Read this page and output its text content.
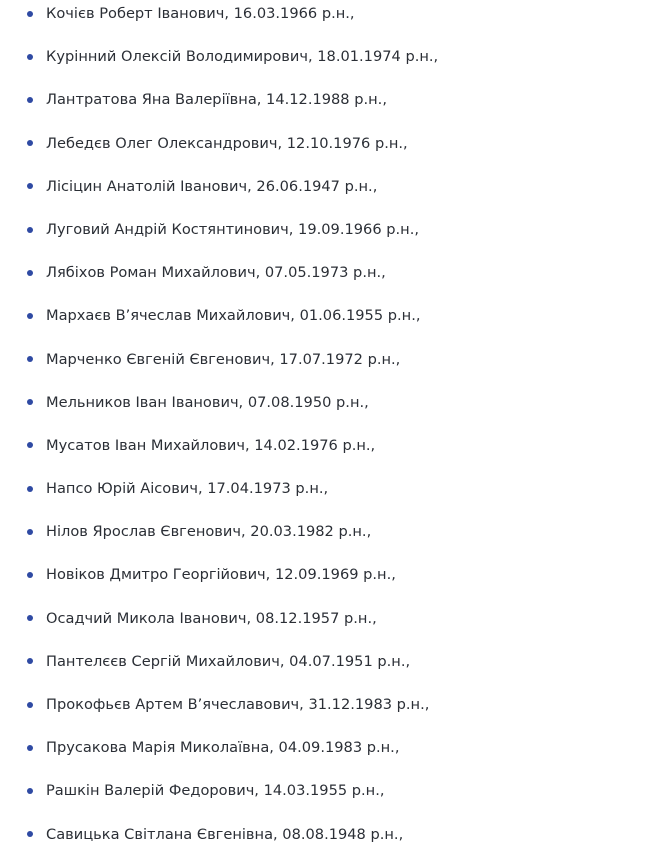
Кочієв Роберт Іванович, 16.03.1966 р.н.,
Курінний Олексій Володимирович, 18.01.1974 р.н.,
Лантратова Яна Валеріївна, 14.12.1988 р.н.,
Лебедєв Олег Олександрович, 12.10.1976 р.н.,
Лісіцин Анатолій Іванович, 26.06.1947 р.н.,
Луговий Андрій Костянтинович, 19.09.1966 р.н.,
Лябіхов Роман Михайлович, 07.05.1973 р.н.,
Мархаєв В’ячеслав Михайлович, 01.06.1955 р.н.,
Марченко Євгеній Євгенович, 17.07.1972 р.н.,
Мельников Іван Іванович, 07.08.1950 р.н.,
Мусатов Іван Михайлович, 14.02.1976 р.н.,
Напсо Юрій Аісович, 17.04.1973 р.н.,
Нілов Ярослав Євгенович, 20.03.1982 р.н.,
Новіков Дмитро Георгійович, 12.09.1969 р.н.,
Осадчий Микола Іванович, 08.12.1957 р.н.,
Пантелєєв Сергій Михайлович, 04.07.1951 р.н.,
Прокофьєв Артем В’ячеславович, 31.12.1983 р.н.,
Прусакова Марія Миколаївна, 04.09.1983 р.н.,
Рашкін Валерій Федорович, 14.03.1955 р.н.,
Савицька Світлана Євгенівна, 08.08.1948 р.н.,
